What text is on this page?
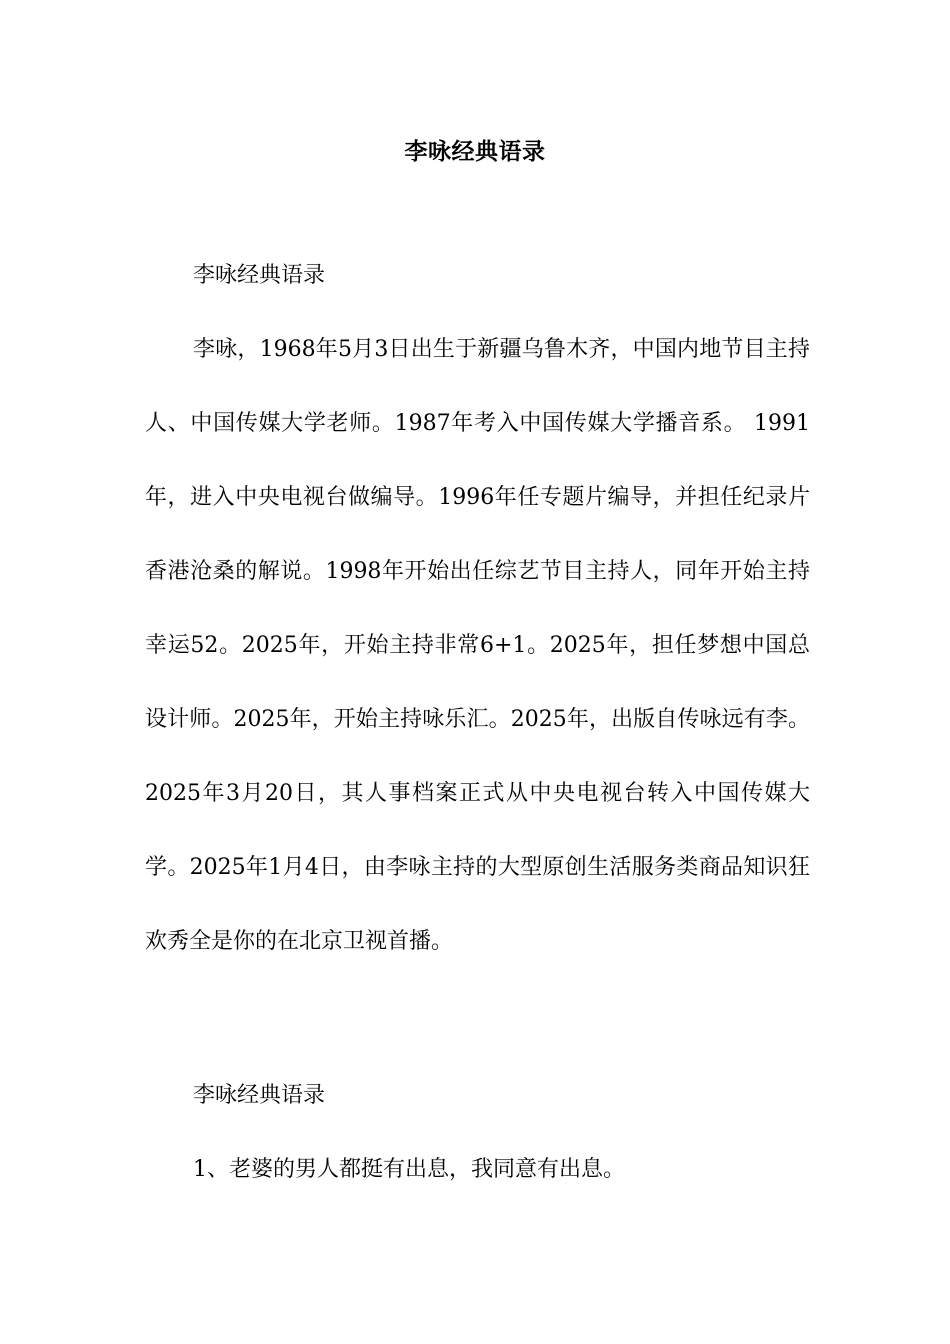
李咏经典语录

李咏经典语录

李咏，1968年5月3日出生于新疆乌鲁木齐，中国内地节目主持人、中国传媒大学老师。1987年考入中国传媒大学播音系。 1991年，进入中央电视台做编导。1996年任专题片编导，并担任纪录片香港沧桑的解说。1998年开始出任综艺节目主持人，同年开始主持幸运52。2025年，开始主持非常6+1。2025年，担任梦想中国总设计师。2025年，开始主持咏乐汇。2025年，出版自传咏远有李。2025年3月20日，其人事档案正式从中央电视台转入中国传媒大学。2025年1月4日，由李咏主持的大型原创生活服务类商品知识狂欢秀全是你的在北京卫视首播。

李咏经典语录

1、老婆的男人都挺有出息，我同意有出息。
